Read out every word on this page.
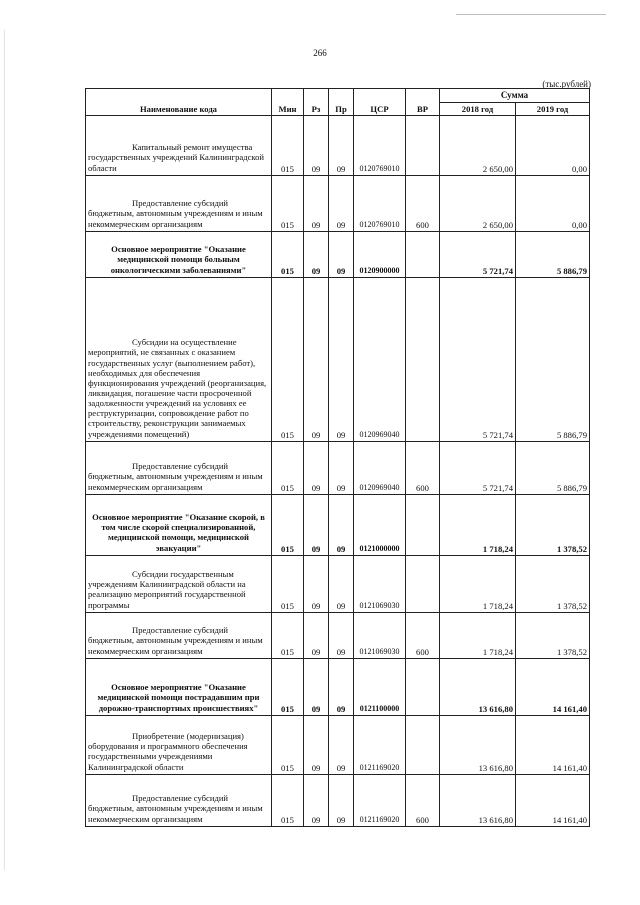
266
(тыс.рублей)
Наименование кода	Мин	Рз	Пр	ЦСР	ВР	Сумма	
						2018 год	2019 год

Капитальный ремонт имущества государственных учреждений Калининградской области	015	09	09	0120769010		2 650,00	0,00

Предоставление субсидий бюджетным, автономным учреждениям и иным некоммерческим организациям	015	09	09	0120769010	600	2 650,00	0,00
Основное мероприятие "Оказание медицинской помощи больным онкологическими заболеваниями"	015	09	09	0120900000		5 721,74	5 886,79

Субсидии на осуществление мероприятий, не связанных с оказанием государственных услуг (выполнением работ), необходимых для обеспечения функционирования учреждений (реорганизация, ликвидация, погашение части просроченной задолженности учреждений на условиях ее реструктуризации, сопровождение работ по строительству, реконструкции занимаемых учреждениями помещений)	015	09	09	0120969040		5 721,74	5 886,79

Предоставление субсидий бюджетным, автономным учреждениям и иным некоммерческим организациям	015	09	09	0120969040	600	5 721,74	5 886,79
Основное мероприятие "Оказание скорой, в том числе скорой специализированной, медицинской помощи, медицинской эвакуации"	015	09	09	0121000000		1 718,24	1 378,52

Субсидии государственным учреждениям Калининградской области на реализацию мероприятий государственной программы	015	09	09	0121069030		1 718,24	1 378,52

Предоставление субсидий бюджетным, автономным учреждениям и иным некоммерческим организациям	015	09	09	0121069030	600	1 718,24	1 378,52
Основное мероприятие "Оказание медицинской помощи пострадавшим при дорожно-транспортных происшествиях"	015	09	09	0121100000		13 616,80	14 161,40

Приобретение (модернизация) оборудования и программного обеспечения государственными учреждениями Калининградской области	015	09	09	0121169020		13 616,80	14 161,40

Предоставление субсидий бюджетным, автономным учреждениям и иным некоммерческим организациям	015	09	09	0121169020	600	13 616,80	14 161,40
